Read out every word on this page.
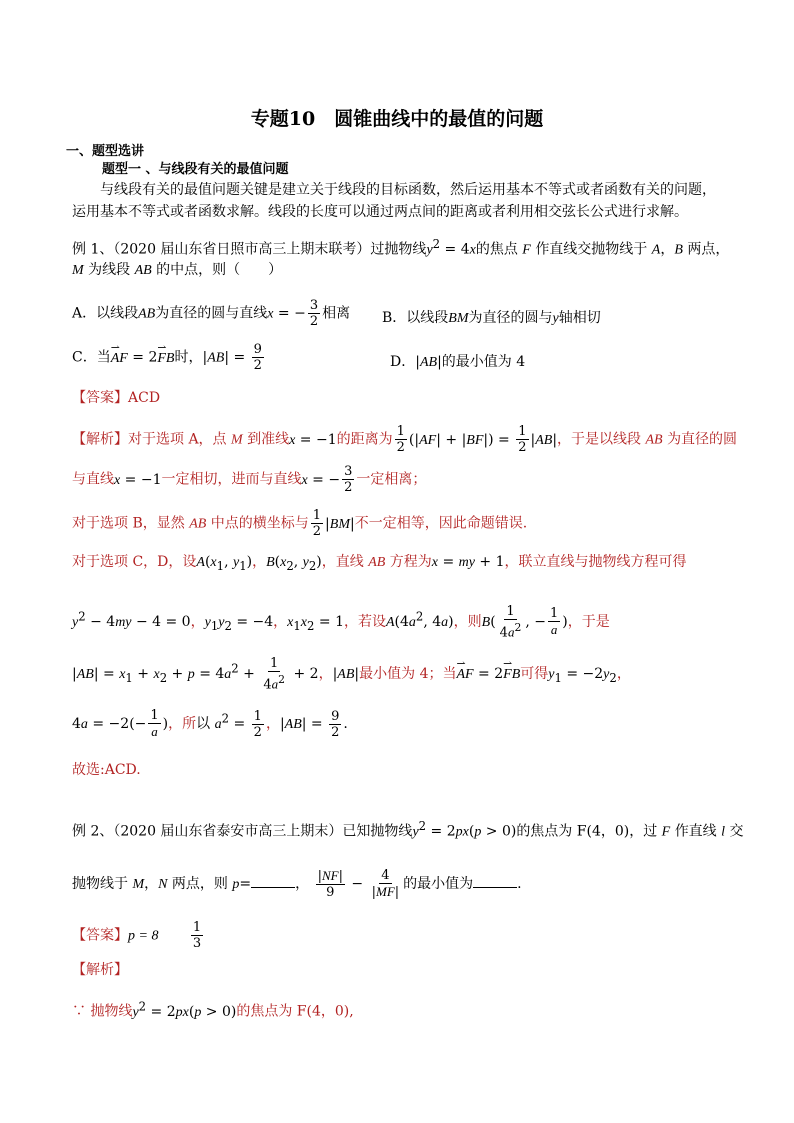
专题10　圆锥曲线中的最值的问题
一、题型选讲
题型一 、与线段有关的最值问题
与线段有关的最值问题关键是建立关于线段的目标函数，然后运用基本不等式或者函数有关的问题，
运用基本不等式或者函数求解。线段的长度可以通过两点间的距离或者利用相交弦长公式进行求解。
例 1、（2020 届山东省日照市高三上期末联考）过抛物线$y^2 = 4x$的焦点 F 作直线交抛物线于 A，B 两点，
M 为线段 AB 的中点，则（　　）
A．以线段AB为直径的圆与直线x = − $\frac{3}{2}$ 相离 B．以线段BM为直径的圆与y轴相切
C．当⇀ AF = 2⇀ FB时，$|AB| = \frac{9}{2}$	D．|AB|的最小值为 4
【答案】ACD
【解析】对于选项 A，点 M 到准线x = −1的距离为 $\frac{1}{2} (|AF| + |BF|) = \frac{1}{2} |AB|$，于是以线段 AB 为直径的圆
与直线x = −1一定相切，进而与直线x = − $\frac{3}{2}$ 一定相离；
对于选项 B，显然 AB 中点的横坐标与 $\frac{1}{2} |BM|$不一定相等，因此命题错误.
对于选项 C，D，设$A(x_1$, $y_1$)，$B(x_2$, $y_2$)，直线 AB 方程为x = my + 1，联立直线与抛物线方程可得
$y^2 - 4my - 4 = 0$，$y_1y_2 = -4$，$x_1x_2 = 1$，若设$A(4a^2$, 4a)，则$B( \frac{1}{4a^2}$ , − $\frac{1}{a}$ )，于是
$|AB| = x_1 + x_2 + p = 4a^2 + \frac{1}{4a^2} + 2$，|AB|最小值为 4；当⇀ AF = 2⇀ FB可得$y_1 = -2y_2$，
$4a = -2(- \frac{1}{a}$ )，所以 $a^2 = \frac{1}{2}$ ，$|AB| = \frac{9}{2}$ .
故选:ACD.
例 2、（2020 届山东省泰安市高三上期末）已知抛物线$y^2 = 2px(p > 0)$的焦点为 F(4，0)，过 F 作直线 l 交
抛物线于 M，N 两点，则 p=	， $\frac{|NF|}{9} - \frac{4}{|MF|}$ 的最小值为	.
【答案】$p = 8 \frac{1}{3}$
【解析】
∵ 抛物线$y^2 = 2px(p > 0)$的焦点为 F(4，0),
